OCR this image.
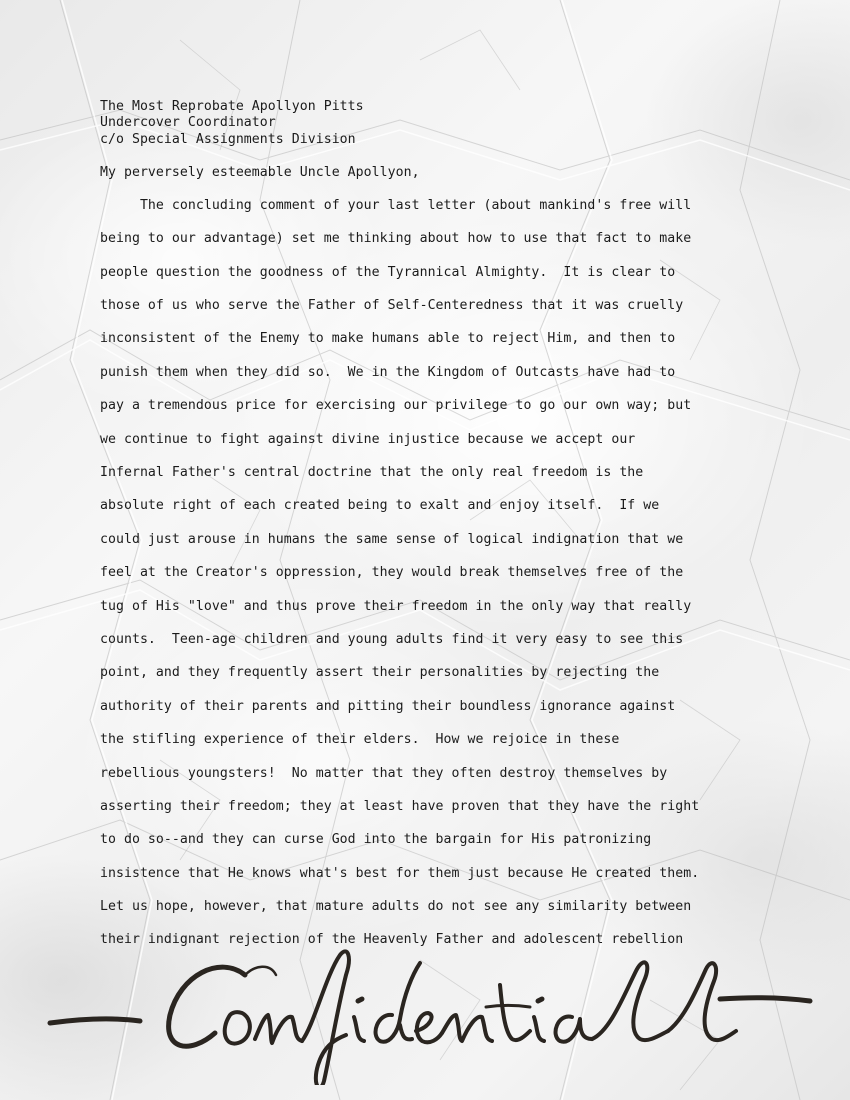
The Most Reprobate Apollyon Pitts
Undercover Coordinator
c/o Special Assignments Division
My perversely esteemable Uncle Apollyon,
The concluding comment of your last letter (about mankind's free will
being to our advantage) set me thinking about how to use that fact to make
people question the goodness of the Tyrannical Almighty.  It is clear to
those of us who serve the Father of Self-Centeredness that it was cruelly
inconsistent of the Enemy to make humans able to reject Him, and then to
punish them when they did so.  We in the Kingdom of Outcasts have had to
pay a tremendous price for exercising our privilege to go our own way; but
we continue to fight against divine injustice because we accept our
Infernal Father's central doctrine that the only real freedom is the
absolute right of each created being to exalt and enjoy itself.  If we
could just arouse in humans the same sense of logical indignation that we
feel at the Creator's oppression, they would break themselves free of the
tug of His "love" and thus prove their freedom in the only way that really
counts.  Teen-age children and young adults find it very easy to see this
point, and they frequently assert their personalities by rejecting the
authority of their parents and pitting their boundless ignorance against
the stifling experience of their elders.  How we rejoice in these
rebellious youngsters!  No matter that they often destroy themselves by
asserting their freedom; they at least have proven that they have the right
to do so--and they can curse God into the bargain for His patronizing
insistence that He knows what's best for them just because He created them.
Let us hope, however, that mature adults do not see any similarity between
their indignant rejection of the Heavenly Father and adolescent rebellion
